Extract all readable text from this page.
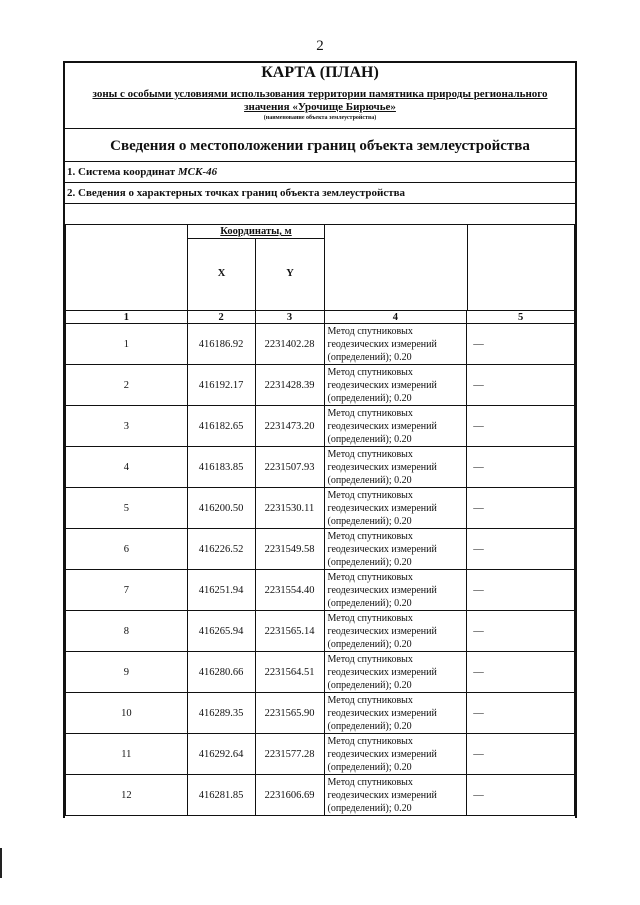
2
КАРТА (ПЛАН)
зоны с особыми условиями использования территории памятника природы регионального
значения «Урочище Бирючье»
(наименование объекта землеустройства)
Сведения о местоположении границ объекта землеустройства
1. Система координат МСК-46
2. Сведения о характерных точках границ объекта землеустройства
Координаты, м
X	Y
1	2	3	4	5
1	416186.92	2231402.28	Метод спутниковых геодезических измерений (определений); 0.20	—
2	416192.17	2231428.39	Метод спутниковых геодезических измерений (определений); 0.20	—
3	416182.65	2231473.20	Метод спутниковых геодезических измерений (определений); 0.20	—
4	416183.85	2231507.93	Метод спутниковых геодезических измерений (определений); 0.20	—
5	416200.50	2231530.11	Метод спутниковых геодезических измерений (определений); 0.20	—
6	416226.52	2231549.58	Метод спутниковых геодезических измерений (определений); 0.20	—
7	416251.94	2231554.40	Метод спутниковых геодезических измерений (определений); 0.20	—
8	416265.94	2231565.14	Метод спутниковых геодезических измерений (определений); 0.20	—
9	416280.66	2231564.51	Метод спутниковых геодезических измерений (определений); 0.20	—
10	416289.35	2231565.90	Метод спутниковых геодезических измерений (определений); 0.20	—
11	416292.64	2231577.28	Метод спутниковых геодезических измерений (определений); 0.20	—
12	416281.85	2231606.69	Метод спутниковых геодезических измерений (определений); 0.20	—
